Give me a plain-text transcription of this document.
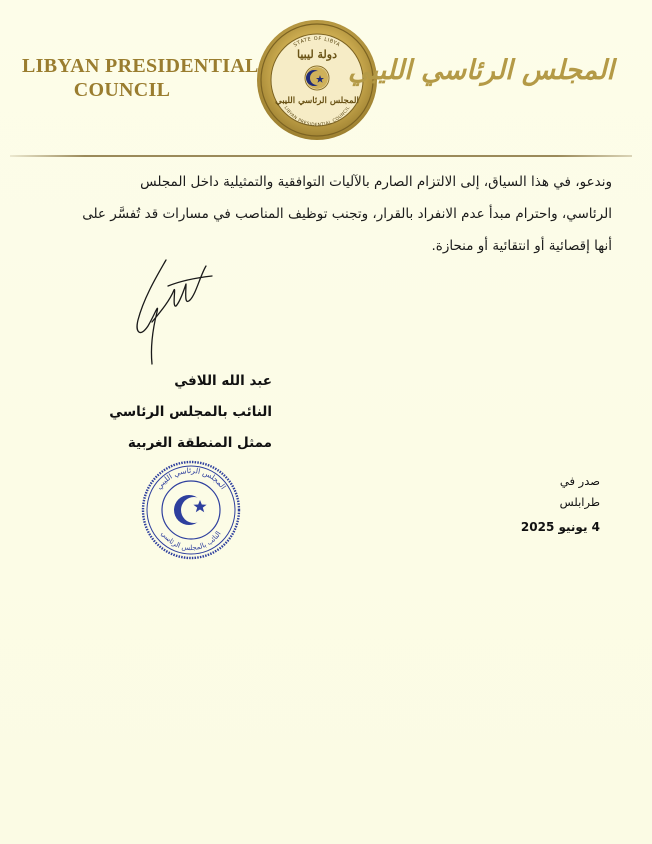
LIBYAN PRESIDENTIAL
COUNCIL
STATE OF LIBYA
LIBYAN PRESIDENTIAL COUNCIL
دولة ليبيا
المجلس الرئاسي الليبي
المجلس الرئاسي الليبي

وندعو، في هذا السياق، إلى الالتزام الصارم بالآليات التوافقية والتمثيلية داخل المجلس

الرئاسي، واحترام مبدأ عدم الانفراد بالقرار، وتجنب توظيف المناصب في مسارات قد تُفسَّر على

أنها إقصائية أو انتقائية أو منحازة.

عبد الله اللافي
النائب بالمجلس الرئاسي
ممثل المنطقة الغربية
صدر في طرابلس
4 يونيو 2025
المجلس الرئاسي الليبي
النائب بالمجلس الرئاسي
